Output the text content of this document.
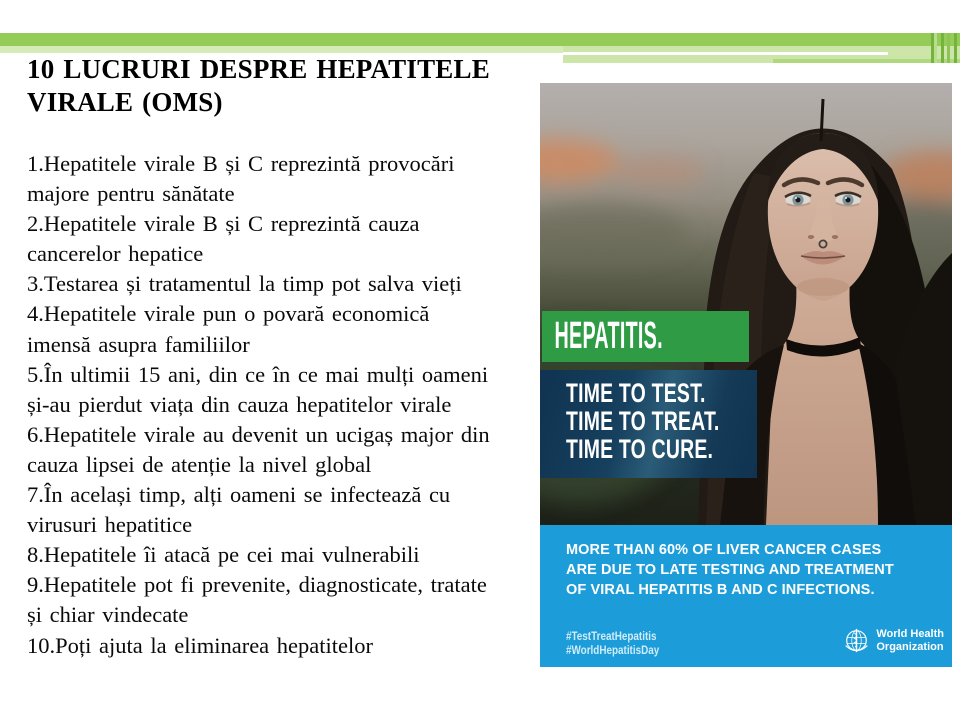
10 LUCRURI DESPRE HEPATITELE VIRALE (OMS)
1.Hepatitele virale B și C reprezintă provocări
majore pentru sănătate
2.Hepatitele virale B și C reprezintă cauza
cancerelor hepatice
3.Testarea și tratamentul la timp pot salva vieți
4.Hepatitele virale pun o povară economică
imensă asupra familiilor
5.În ultimii 15 ani, din ce în ce mai mulți oameni
și-au pierdut viața din cauza hepatitelor virale
6.Hepatitele virale au devenit un ucigaș major din
cauza lipsei de atenție la nivel global
7.În același timp, alți oameni se infectează cu
virusuri hepatitice
8.Hepatitele îi atacă pe cei mai vulnerabili
9.Hepatitele pot fi prevenite, diagnosticate, tratate
și chiar vindecate
10.Poți ajuta la eliminarea hepatitelor
HEPATITIS.
TIME TO TEST.
TIME TO TREAT.
TIME TO CURE.
MORE THAN 60% OF LIVER CANCER CASES
ARE DUE TO LATE TESTING AND TREATMENT
OF VIRAL HEPATITIS B AND C INFECTIONS.
#TestTreatHepatitis
#WorldHepatitisDay
World Health
Organization
